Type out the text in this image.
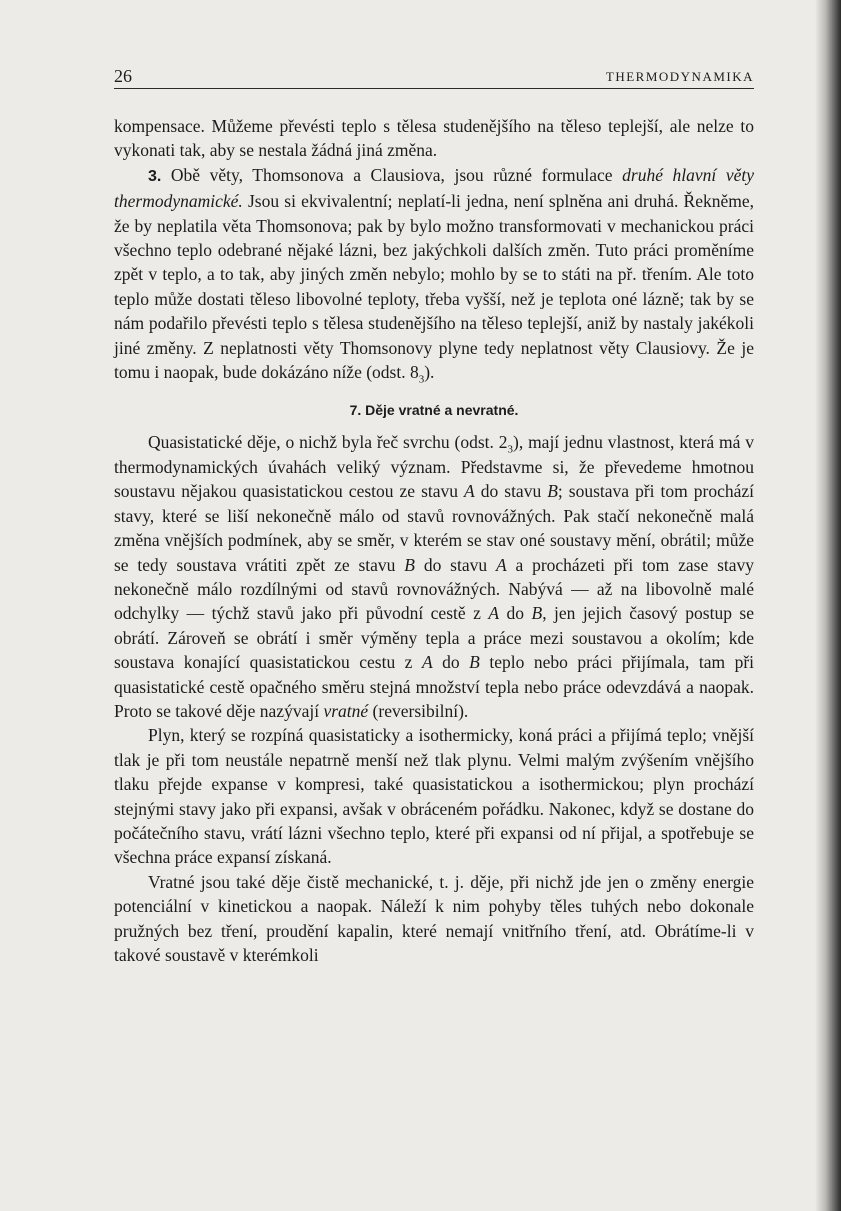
26	THERMODYNAMIKA

kompensace. Můžeme převésti teplo s tělesa studenějšího na těleso teplejší, ale nelze to vykonati tak, aby se nestala žádná jiná změna.

3. Obě věty, Thomsonova a Clausiova, jsou různé formulace druhé hlavní věty thermodynamické. Jsou si ekvivalentní; neplatí-li jedna, není splněna ani druhá. Řekněme, že by neplatila věta Thomsonova; pak by bylo možno transformovati v mechanickou práci všechno teplo odebrané nějaké lázni, bez jakýchkoli dalších změn. Tuto práci proměníme zpět v teplo, a to tak, aby jiných změn nebylo; mohlo by se to státi na př. třením. Ale toto teplo může dostati těleso libovolné teploty, třeba vyšší, než je teplota oné lázně; tak by se nám podařilo převésti teplo s tělesa studenějšího na těleso teplejší, aniž by nastaly jakékoli jiné změny. Z neplatnosti věty Thomsonovy plyne tedy neplatnost věty Clausiovy. Že je tomu i naopak, bude dokázáno níže (odst. $8_3$).

7. Děje vratné a nevratné.

Quasistatické děje, o nichž byla řeč svrchu (odst. $2_3$), mají jednu vlastnost, která má v thermodynamických úvahách veliký význam. Představme si, že převedeme hmotnou soustavu nějakou quasistatickou cestou ze stavu A do stavu B; soustava při tom prochází stavy, které se liší nekonečně málo od stavů rovnovážných. Pak stačí nekonečně malá změna vnějších podmínek, aby se směr, v kterém se stav oné soustavy mění, obrátil; může se tedy soustava vrátiti zpět ze stavu B do stavu A a procházeti při tom zase stavy nekonečně málo rozdílnými od stavů rovnovážných. Nabývá — až na libovolně malé odchylky — týchž stavů jako při původní cestě z A do B, jen jejich časový postup se obrátí. Zároveň se obrátí i směr výměny tepla a práce mezi soustavou a okolím; kde soustava konající quasistatickou cestu z A do B teplo nebo práci přijímala, tam při quasistatické cestě opačného směru stejná množství tepla nebo práce odevzdává a naopak. Proto se takové děje nazývají vratné (reversibilní).

Plyn, který se rozpíná quasistaticky a isothermicky, koná práci a přijímá teplo; vnější tlak je při tom neustále nepatrně menší než tlak plynu. Velmi malým zvýšením vnějšího tlaku přejde expanse v kompresi, také quasistatickou a isothermickou; plyn prochází stejnými stavy jako při expansi, avšak v obráceném pořádku. Nakonec, když se dostane do počátečního stavu, vrátí lázni všechno teplo, které při expansi od ní přijal, a spotřebuje se všechna práce expansí získaná.

Vratné jsou také děje čistě mechanické, t. j. děje, při nichž jde jen o změny energie potenciální v kinetickou a naopak. Náleží k nim pohyby těles tuhých nebo dokonale pružných bez tření, proudění kapalin, které nemají vnitřního tření, atd. Obrátíme-li v takové soustavě v kterémkoli
